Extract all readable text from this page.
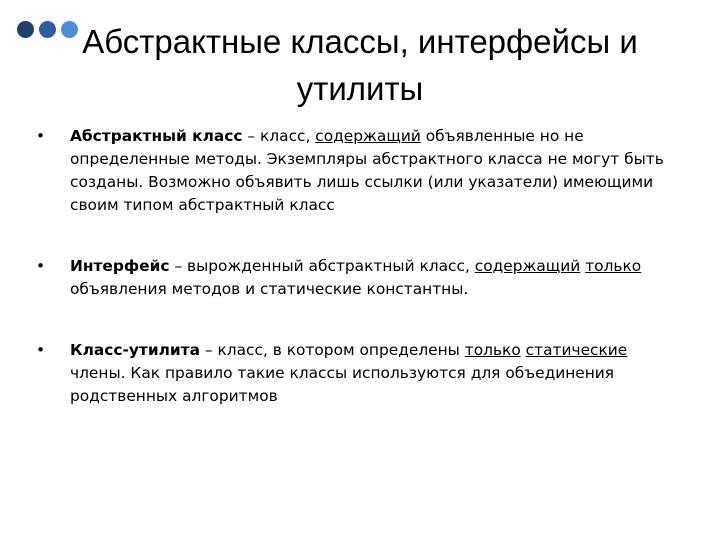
Абстрактные классы, интерфейсы и утилиты
• Абстрактный класс – класс, содержащий объявленные но не определенные методы. Экземпляры абстрактного класса не могут быть созданы. Возможно объявить лишь ссылки (или указатели) имеющими своим типом абстрактный класс
• Интерфейс – вырожденный абстрактный класс, содержащий только объявления методов и статические константны.
• Класс-утилита – класс, в котором определены только статические члены. Как правило такие классы используются для объединения родственных алгоритмов
